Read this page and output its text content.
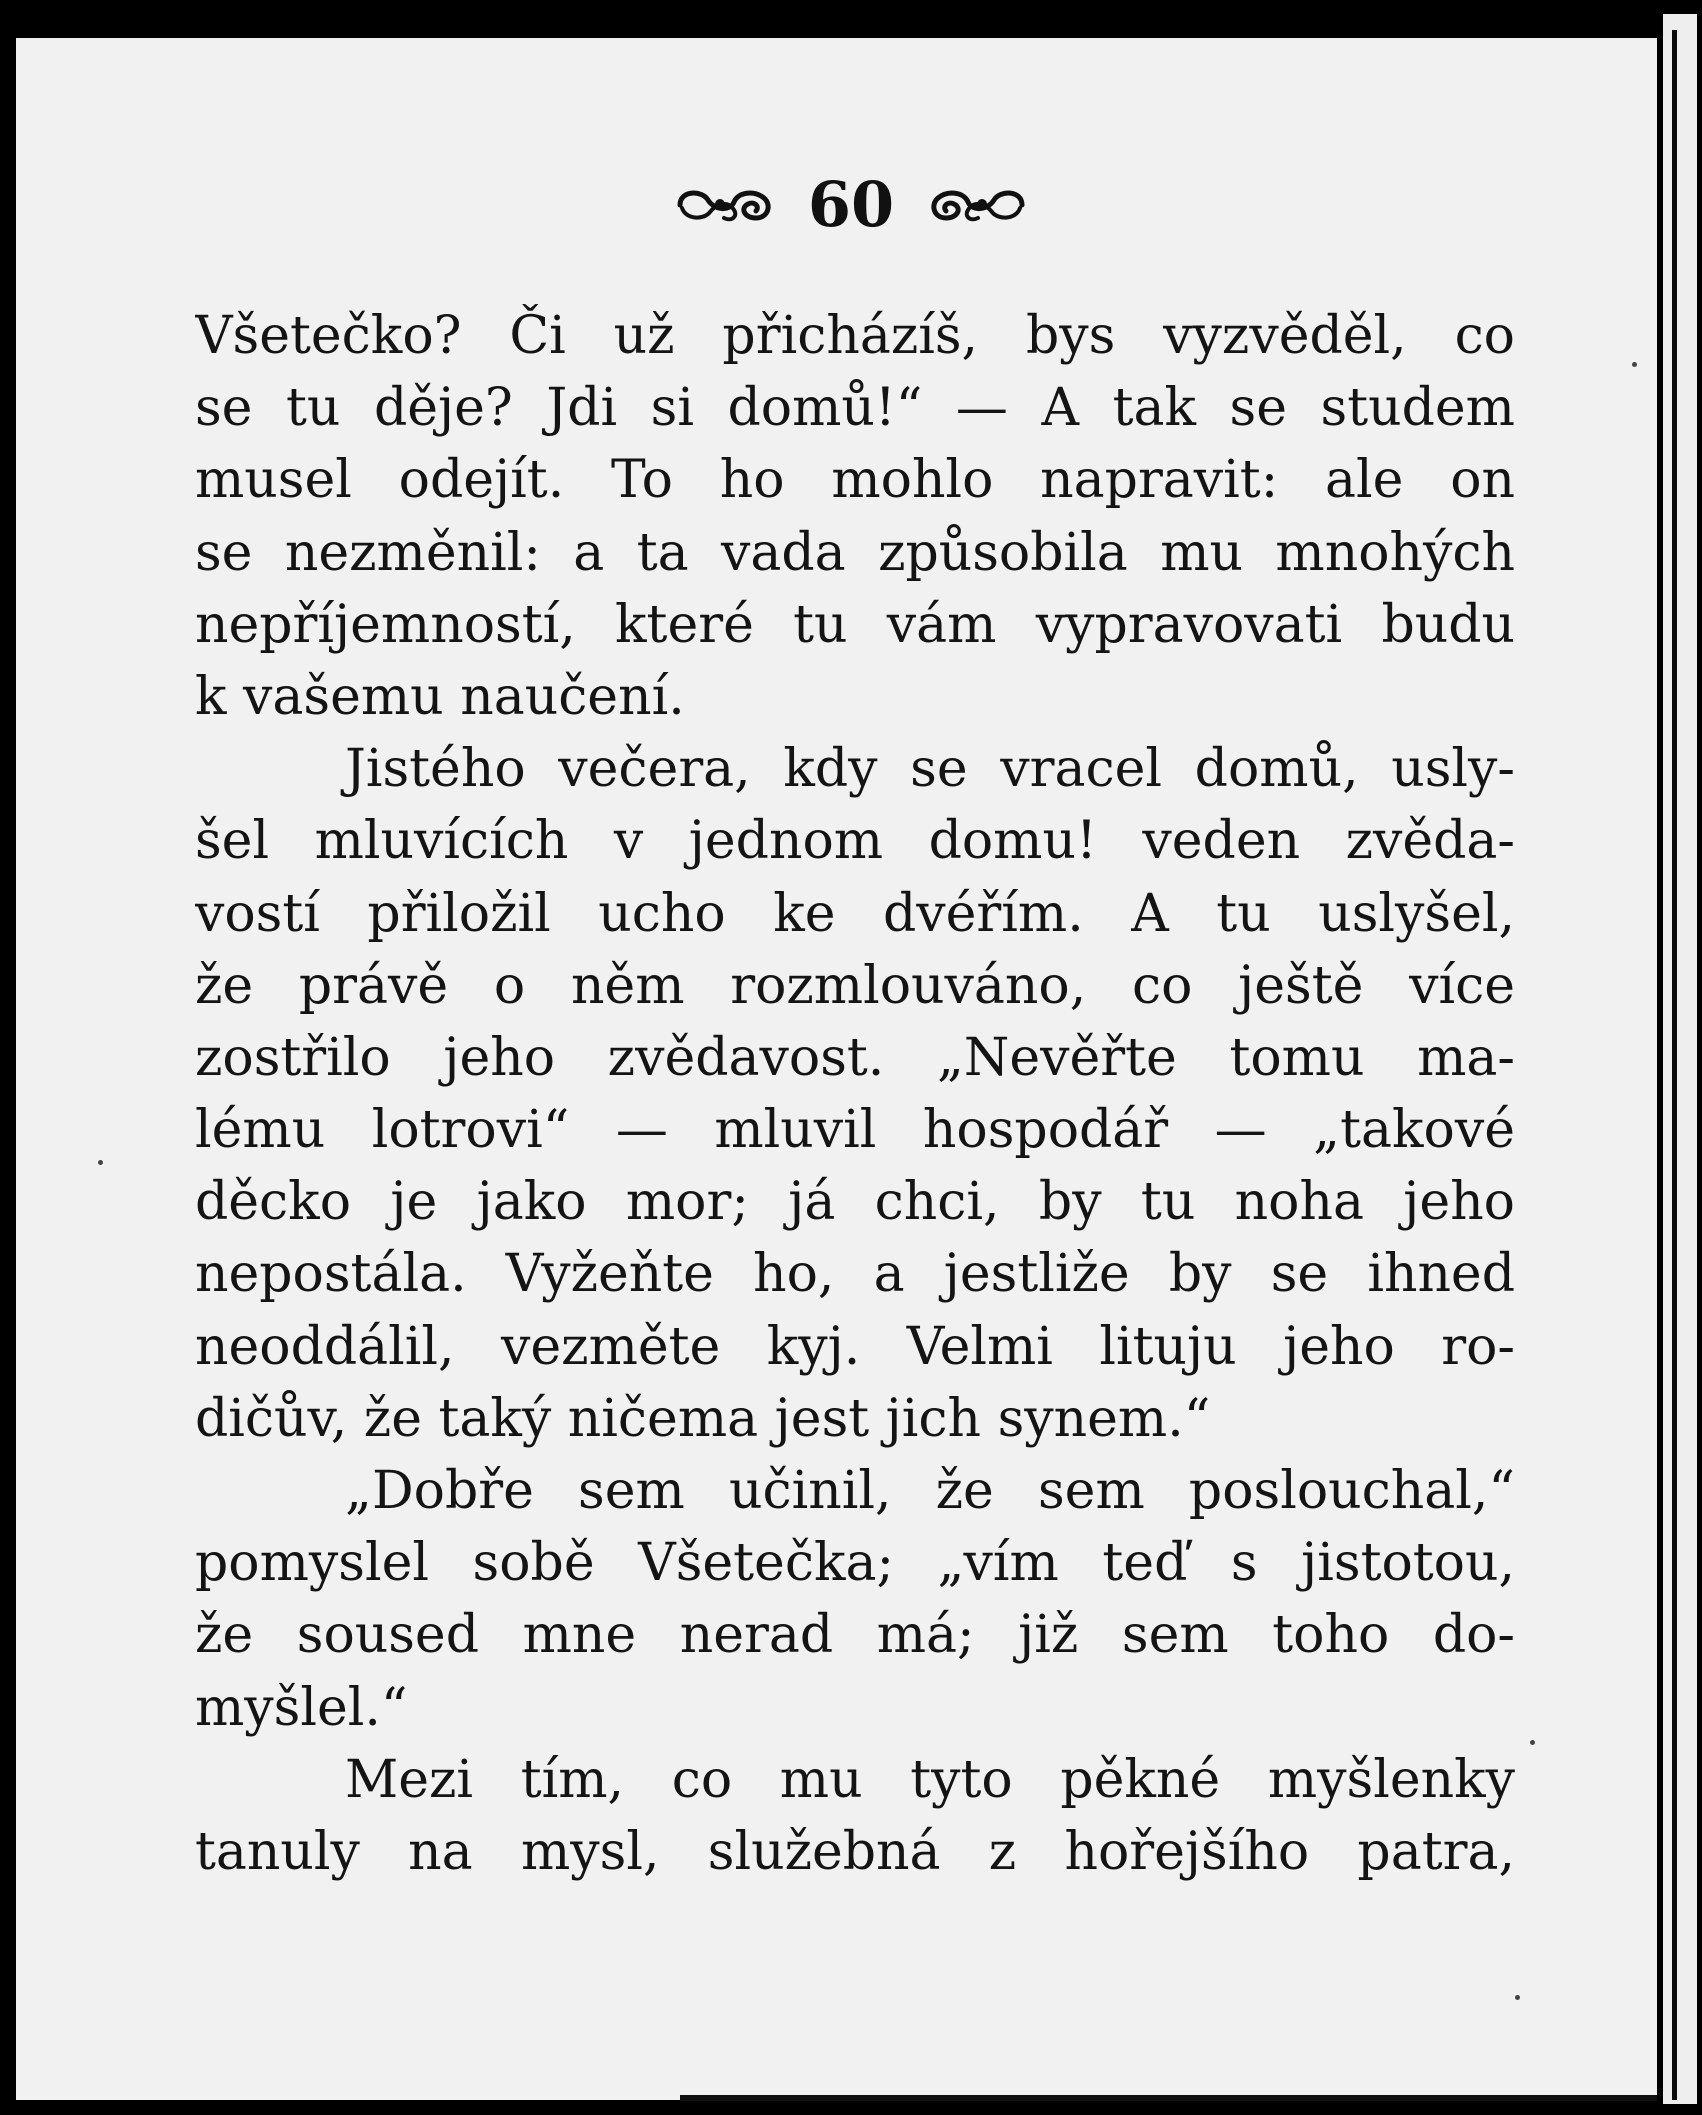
60
Všetečko? Či už přicházíš, bys vyzvěděl, co
se tu děje? Jdi si domů!“ — A tak se studem
musel odejít. To ho mohlo napravit: ale on
se nezměnil: a ta vada způsobila mu mnohých
nepříjemností, které tu vám vypravovati budu
k vašemu naučení.
Jistého večera, kdy se vracel domů, usly-
šel mluvících v jednom domu! veden zvěda-
vostí přiložil ucho ke dvéřím. A tu uslyšel,
že právě o něm rozmlouváno, co ještě více
zostřilo jeho zvědavost. „Nevěřte tomu ma-
lému lotrovi“ — mluvil hospodář — „takové
děcko je jako mor; já chci, by tu noha jeho
nepostála. Vyžeňte ho, a jestliže by se ihned
neoddálil, vezměte kyj. Velmi lituju jeho ro-
dičův, že taký ničema jest jich synem.“
„Dobře sem učinil, že sem poslouchal,“
pomyslel sobě Všetečka; „vím teď s jistotou,
že soused mne nerad má; již sem toho do-
myšlel.“
Mezi tím, co mu tyto pěkné myšlenky
tanuly na mysl, služebná z hořejšího patra,
